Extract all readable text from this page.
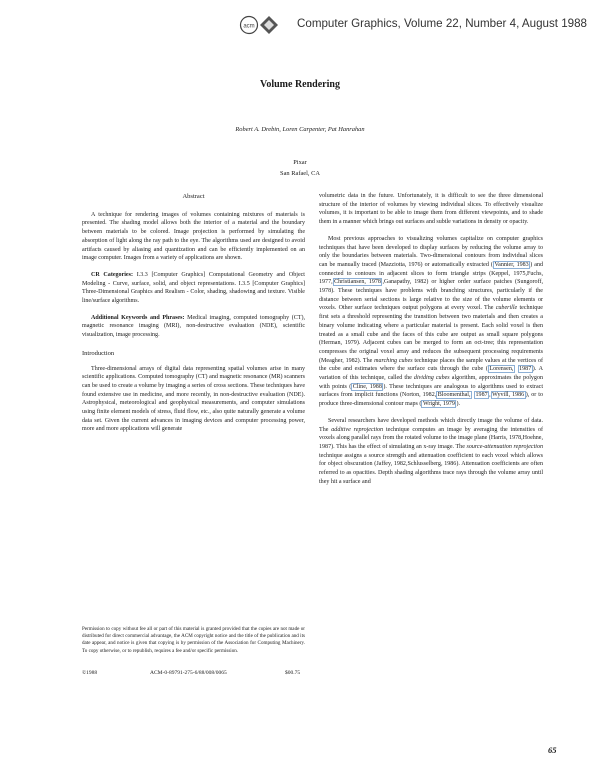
acm	Computer Graphics, Volume 22, Number 4, August 1988
Volume Rendering
Robert A. Drebin, Loren Carpenter, Pat Hanrahan
Pixar
San Rafael, CA
Abstract

A technique for rendering images of volumes containing mixtures of materials is presented. The shading model allows both the interior of a material and the boundary between materials to be colored. Image projection is performed by simulating the absorption of light along the ray path to the eye. The algorithms used are designed to avoid artifacts caused by aliasing and quantization and can be efficiently implemented on an image computer. Images from a variety of applications are shown.

CR Categories: I.3.3 [Computer Graphics] Computational Geometry and Object Modeling - Curve, surface, solid, and object representations. I.3.5 [Computer Graphics] Three-Dimensional Graphics and Realism - Color, shading, shadowing and texture. Visible line/surface algorithms.

Additional Keywords and Phrases: Medical imaging, computed tomography (CT), magnetic resonance imaging (MRI), non-destructive evaluation (NDE), scientific visualization, image processing.

Introduction

Three-dimensional arrays of digital data representing spatial volumes arise in many scientific applications. Computed tomography (CT) and magnetic resonance (MR) scanners can be used to create a volume by imaging a series of cross sections. These techniques have found extensive use in medicine, and more recently, in non-destructive evaluation (NDE). Astrophysical, meteorological and geophysical measurements, and computer simulations using finite element models of stress, fluid flow, etc., also quite naturally generate a volume data set. Given the current advances in imaging devices and computer processing power, more and more applications will generate

Permission to copy without fee all or part of this material is granted provided that the copies are not made or distributed for direct commercial advantage, the ACM copyright notice and the title of the publication and its date appear, and notice is given that copying is by permission of the Association for Computing Machinery. To copy otherwise, or to republish, requires a fee and/or specific permission.
©1988	ACM-0-89791-275-6/88/008/0065	$00.75

volumetric data in the future. Unfortunately, it is difficult to see the three dimensional structure of the interior of volumes by viewing individual slices. To effectively visualize volumes, it is important to be able to image them from different viewpoints, and to shade them in a manner which brings out surfaces and subtle variations in density or opacity.

Most previous approaches to visualizing volumes capitalize on computer graphics techniques that have been developed to display surfaces by reducing the volume array to only the boundaries between materials. Two-dimensional contours from individual slices can be manually traced (Mazziotta, 1976) or automatically extracted ( Vannier, 1983 ) and connected to contours in adjacent slices to form triangle strips (Keppel, 1975,Fuchs, 1977, Christiansen, 1978 ,Ganapathy, 1982) or higher order surface patches (Sungoroff, 1978). These techniques have problems with branching structures, particularly if the distance between serial sections is large relative to the size of the volume elements or voxels. Other surface techniques output polygons at every voxel. The cuberille technique first sets a threshold representing the transition between two materials and then creates a binary volume indicating where a particular material is present. Each solid voxel is then treated as a small cube and the faces of this cube are output as small square polygons (Herman, 1979). Adjacent cubes can be merged to form an oct-tree; this representation compresses the original voxel array and reduces the subsequent processing requirements (Meagher, 1982). The marching cubes technique places the sample values at the vertices of the cube and estimates where the surface cuts through the cube ( Lorensen, 1987 ). A variation of this technique, called the dividing cubes algorithm, approximates the polygon with points ( Cline, 1988 ). These techniques are analogous to algorithms used to extract surfaces from implicit functions (Norton, 1982, Bloomenthal, 1987 , Wyvill, 1986 ), or to produce three-dimensional contour maps ( Wright, 1979 ).

Several researchers have developed methods which directly image the volume of data. The additive reprojection technique computes an image by averaging the intensities of voxels along parallel rays from the rotated volume to the image plane (Harris, 1978,Hoehne, 1987). This has the effect of simulating an x-ray image. The source-attenuation reprojection technique assigns a source strength and attenuation coefficient to each voxel which allows for object obscuration (Jaffey, 1982,Schlusselberg, 1986). Attenuation coefficients are often referred to as opacities. Depth shading algorithms trace rays through the volume array until they hit a surface and

65
